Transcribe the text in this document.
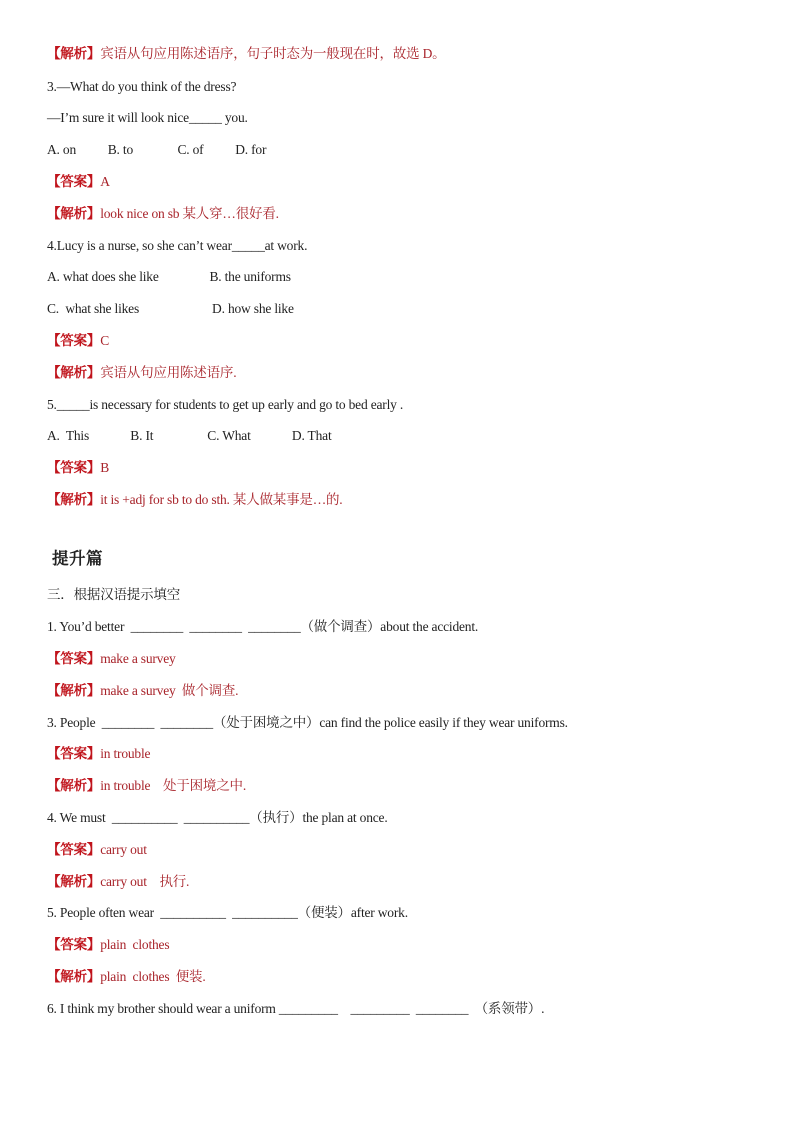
提升篇
【解析】宾语从句应用陈述语序，句子时态为一般现在时，故选 D。
3.—What do you think of the dress?
—I’m sure it will look nice_____ you.
A. on          B. to              C. of          D. for
【答案】A
【解析】look nice on sb 某人穿…很好看.
4.Lucy is a nurse, so she can’t wear_____at work.
A. what does she like                B. the uniforms
C.  what she likes                       D. how she like
【答案】C
【解析】宾语从句应用陈述语序.
5._____is necessary for students to get up early and go to bed early .
A.  This             B. It                 C. What             D. That
【答案】B
【解析】it is +adj for sb to do sth. 某人做某事是…的.
三．根据汉语提示填空
1. You’d better  ________  ________  ________（做个调查）about the accident.
【答案】make a survey
【解析】make a survey  做个调查.
3. People  ________  ________（处于困境之中）can find the police easily if they wear uniforms.
【答案】in trouble
【解析】in trouble    处于困境之中.
4. We must  __________  __________（执行）the plan at once.
【答案】carry out
【解析】carry out    执行.
5. People often wear  __________  __________（便装）after work.
【答案】plain  clothes
【解析】plain  clothes  便装.
6. I think my brother should wear a uniform _________    _________  ________  （系领带）.
